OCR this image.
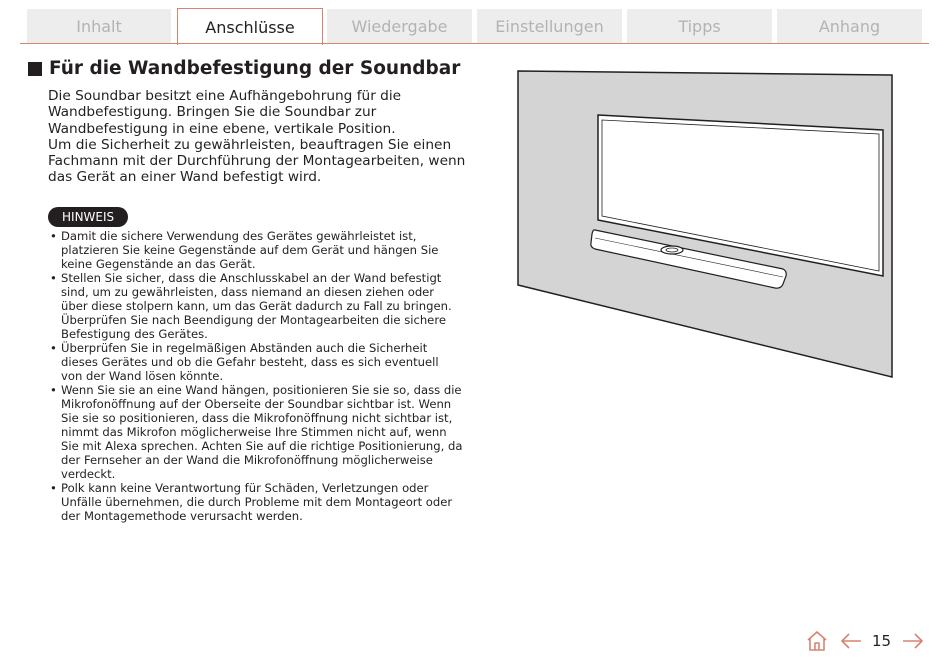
Inhalt	Anschlüsse	Wiedergabe	Einstellungen	Tipps	Anhang
Für die Wandbefestigung der Soundbar

Die Soundbar besitzt eine Aufhängebohrung für die Wandbefestigung. Bringen Sie die Soundbar zur Wandbefestigung in eine ebene, vertikale Position.

Um die Sicherheit zu gewährleisten, beauftragen Sie einen Fachmann mit der Durchführung der Montagearbeiten, wenn das Gerät an einer Wand befestigt wird.

HINWEIS
• Damit die sichere Verwendung des Gerätes gewährleistet ist, platzieren Sie keine Gegenstände auf dem Gerät und hängen Sie keine Gegenstände an das Gerät.
• Stellen Sie sicher, dass die Anschlusskabel an der Wand befestigt sind, um zu gewährleisten, dass niemand an diesen ziehen oder über diese stolpern kann, um das Gerät dadurch zu Fall zu bringen. Überprüfen Sie nach Beendigung der Montagearbeiten die sichere Befestigung des Gerätes.
• Überprüfen Sie in regelmäßigen Abständen auch die Sicherheit dieses Gerätes und ob die Gefahr besteht, dass es sich eventuell von der Wand lösen könnte.
• Wenn Sie sie an eine Wand hängen, positionieren Sie sie so, dass die Mikrofonöffnung auf der Oberseite der Soundbar sichtbar ist. Wenn Sie sie so positionieren, dass die Mikrofonöffnung nicht sichtbar ist, nimmt das Mikrofon möglicherweise Ihre Stimmen nicht auf, wenn Sie mit Alexa sprechen. Achten Sie auf die richtige Positionierung, da der Fernseher an der Wand die Mikrofonöffnung möglicherweise verdeckt.
• Polk kann keine Verantwortung für Schäden, Verletzungen oder Unfälle übernehmen, die durch Probleme mit dem Montageort oder der Montagemethode verursacht werden.
15
